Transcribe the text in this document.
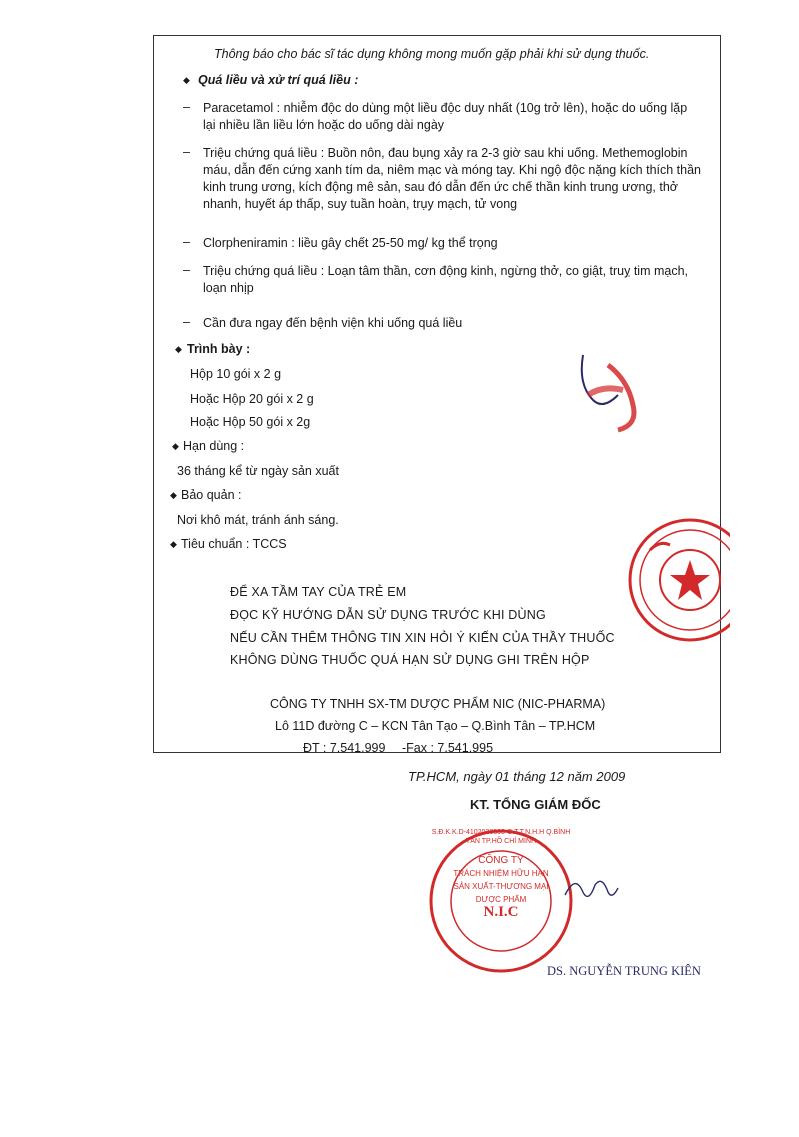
Thông báo cho bác sĩ tác dụng không mong muốn gặp phải khi sử dụng thuốc.
◆ Quá liều và xử trí quá liều :
– Paracetamol : nhiễm độc do dùng một liều độc duy nhất (10g trở lên), hoặc do uống lặp lại nhiều lần liều lớn hoặc do uống dài ngày
– Triệu chứng quá liều : Buồn nôn, đau bụng xảy ra 2-3 giờ sau khi uống. Methemoglobin máu, dẫn đến cứng xanh tím da, niêm mạc và móng tay. Khi ngộ độc nặng kích thích thần kinh trung ương, kích động mê sản, sau đó dẫn đến ức chế thần kinh trung ương, thở nhanh, huyết áp thấp, suy tuần hoàn, trụy mạch, tử vong
– Clorpheniramin : liều gây chết 25-50 mg/ kg thể trọng
– Triệu chứng quá liều : Loạn tâm thần, cơn động kinh, ngừng thở, co giật, truỵ tim mạch, loạn nhịp
– Cần đưa ngay đến bệnh viện khi uống quá liều
◆ Trình bày :
Hộp 10 gói x 2 g
Hoặc Hộp 20 gói x 2 g
Hoặc Hộp 50 gói x 2g
◆ Hạn dùng :
36 tháng kể từ ngày sản xuất
◆ Bảo quản :
Nơi khô mát, tránh ánh sáng.
◆ Tiêu chuẩn : TCCS
ĐỂ XA TẦM TAY CỦA TRẺ EM
ĐỌC KỸ HƯỚNG DẪN SỬ DỤNG TRƯỚC KHI DÙNG
NẾU CẦN THÊM THÔNG TIN XIN HỎI Ý KIẾN CỦA THẦY THUỐC
KHÔNG DÙNG THUỐC QUÁ HẠN SỬ DỤNG GHI TRÊN HỘP
CÔNG TY TNHH SX-TM DƯỢC PHẨM NIC (NIC-PHARMA)
Lô 11D đường C – KCN Tân Tạo – Q.Bình Tân – TP.HCM
ĐT : 7.541.999 -Fax : 7.541.995
TP.HCM, ngày 01 tháng 12 năm 2009
KT. TỔNG GIÁM ĐỐC
S.Đ.K.K.D-4102020303-C.T.T.N.H.H Q.BÌNH TÂN TP.HỒ CHÍ MINH
CÔNG TY
TRÁCH NHIỆM HỮU HẠN
SẢN XUẤT-THƯƠNG MẠI
DƯỢC PHẨM
N.I.C
DS. NGUYỄN TRUNG KIÊN
